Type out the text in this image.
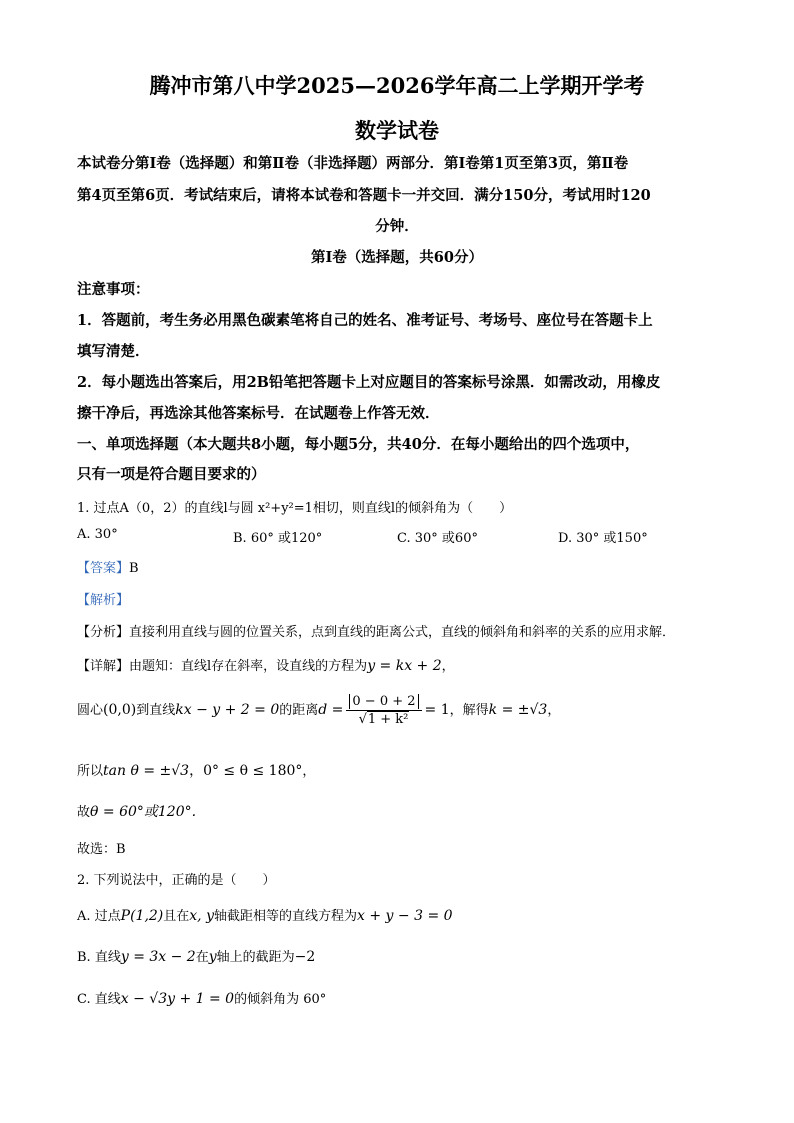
腾冲市第八中学2025—2026学年高二上学期开学考
数学试卷
本试卷分第Ⅰ卷（选择题）和第Ⅱ卷（非选择题）两部分．第Ⅰ卷第1页至第3页，第Ⅱ卷
第4页至第6页．考试结束后，请将本试卷和答题卡一并交回．满分150分，考试用时120
分钟．
第Ⅰ卷（选择题，共60分）
注意事项：
1．答题前，考生务必用黑色碳素笔将自己的姓名、准考证号、考场号、座位号在答题卡上
填写清楚．
2．每小题选出答案后，用2B铅笔把答题卡上对应题目的答案标号涂黑．如需改动，用橡皮
擦干净后，再选涂其他答案标号．在试题卷上作答无效．
一、单项选择题（本大题共8小题，每小题5分，共40分．在每小题给出的四个选项中，
只有一项是符合题目要求的）
1. 过点A（0，2）的直线l与圆 x²+y²=1相切，则直线l的倾斜角为（　　）
A. 30°	B. 60° 或120°	C. 30° 或60°	D. 30° 或150°
【答案】B
【解析】
【分析】直接利用直线与圆的位置关系，点到直线的距离公式，直线的倾斜角和斜率的关系的应用求解．
【详解】由题知：直线l存在斜率，设直线的方程为y = kx + 2，
圆心(0,0)到直线kx − y + 2 = 0的距离$d = \frac{0 - 0 + 2}{\text{√1 + k²}} = 1$，解得k = ±√3，
所以tan θ = ±√3，0° ≤ θ ≤ 180°，
故θ = 60°或120°.
故选：B
2. 下列说法中，正确的是（　　）
A. 过点P(1,2)且在x, y轴截距相等的直线方程为x + y − 3 = 0
B. 直线y = 3x − 2在y轴上的截距为−2
C. 直线x − √3y + 1 = 0的倾斜角为 60°
